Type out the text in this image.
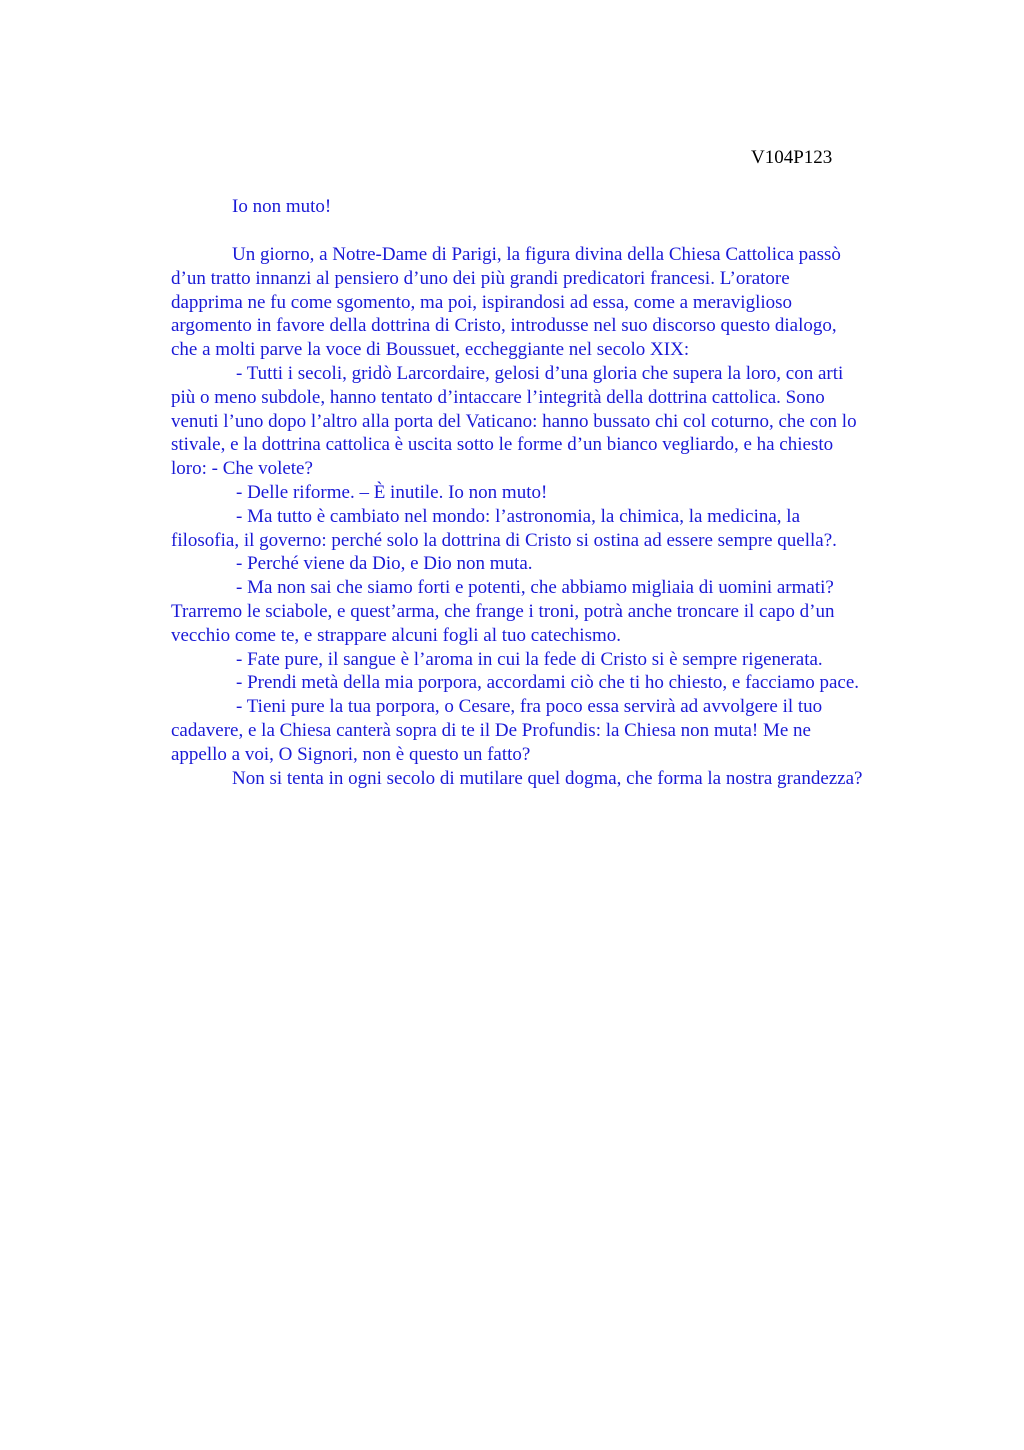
V104P123
Io non muto!
Un giorno, a Notre-Dame di Parigi, la figura divina della Chiesa Cattolica passò
d’un tratto innanzi al pensiero d’uno dei più grandi predicatori francesi. L’oratore
dapprima ne fu come sgomento, ma poi, ispirandosi ad essa, come a meraviglioso
argomento in favore della dottrina di Cristo, introdusse nel suo discorso questo dialogo,
che a molti parve la voce di Boussuet, eccheggiante nel secolo XIX:
- Tutti i secoli, gridò Larcordaire, gelosi d’una gloria che supera la loro, con arti
più o meno subdole, hanno tentato d’intaccare l’integrità della dottrina cattolica. Sono
venuti l’uno dopo l’altro alla porta del Vaticano: hanno bussato chi col coturno, che con lo
stivale, e la dottrina cattolica è uscita sotto le forme d’un bianco vegliardo, e ha chiesto
loro: - Che volete?
- Delle riforme. – È inutile. Io non muto!
- Ma tutto è cambiato nel mondo: l’astronomia, la chimica, la medicina, la
filosofia, il governo: perché solo la dottrina di Cristo si ostina ad essere sempre quella?.
- Perché viene da Dio, e Dio non muta.
- Ma non sai che siamo forti e potenti, che abbiamo migliaia di uomini armati?
Trarremo le sciabole, e quest’arma, che frange i troni, potrà anche troncare il capo d’un
vecchio come te, e strappare alcuni fogli al tuo catechismo.
- Fate pure, il sangue è l’aroma in cui la fede di Cristo si è sempre rigenerata.
- Prendi metà della mia porpora, accordami ciò che ti ho chiesto, e facciamo pace.
- Tieni pure la tua porpora, o Cesare, fra poco essa servirà ad avvolgere il tuo
cadavere, e la Chiesa canterà sopra di te il De Profundis: la Chiesa non muta! Me ne
appello a voi, O Signori, non è questo un fatto?
Non si tenta in ogni secolo di mutilare quel dogma, che forma la nostra grandezza?
